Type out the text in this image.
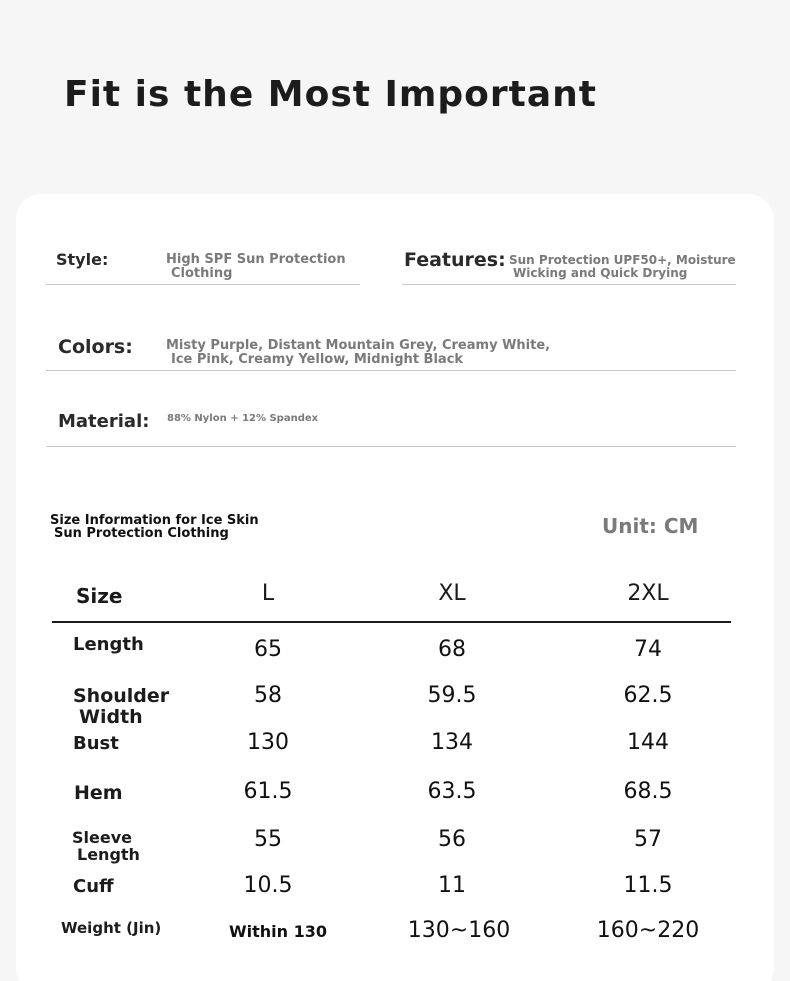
Fit is the Most Important
Style:	High SPF Sun Protection
Clothing
Features: Sun Protection UPF50+, Moisture
Wicking and Quick Drying
Colors:	Misty Purple, Distant Mountain Grey, Creamy White,
Ice Pink, Creamy Yellow, Midnight Black
Material: 88% Nylon + 12% Spandex
Size Information for Ice Skin
Sun Protection Clothing	Unit: CM
Size	L	XL	2XL
Length	65	68	74
Shoulder
Width
58	59.5	62.5
Bust	130	134	144
Hem	61.5	63.5	68.5
Sleeve
Length
55	56	57
Cuff	10.5	11	11.5
Weight (Jin)	Within 130	130~160	160~220
